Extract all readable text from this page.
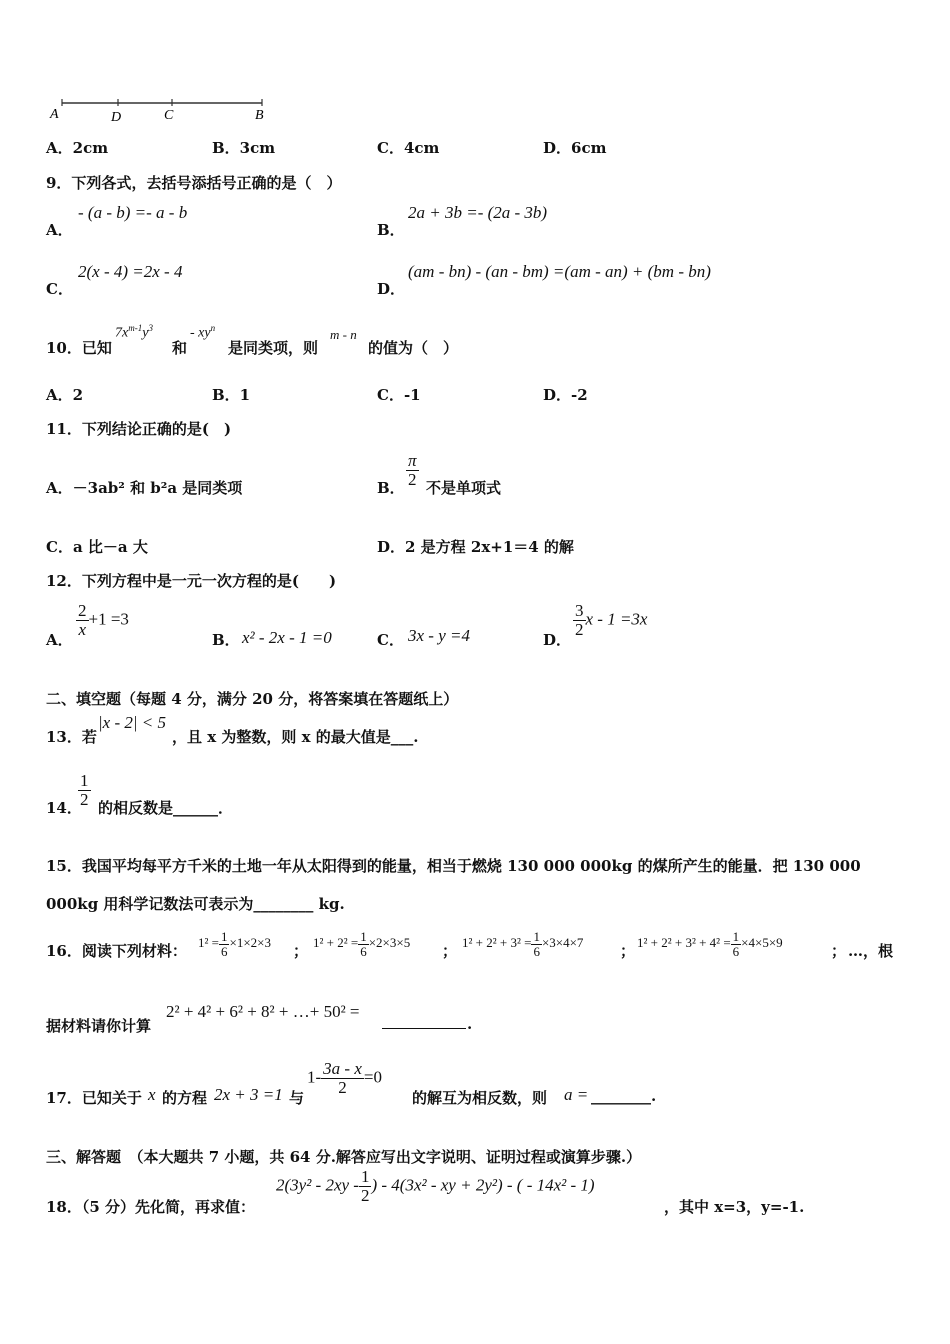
A	D	C	B
A．2cm	B．3cm	C．4cm	D．6cm
9．下列各式，去括号添括号正确的是（　）
A．
- (a - b) =- a - b
B．
2a + 3b =- (2a - 3b)
C．
2(x - 4) =2x - 4
D．
(am - bn) - (an - bm) =(am - an) + (bm - bn)
10．已知
$7x^{m-1}y^3$
和
- $xy^n$
是同类项，则
m - n
的值为（　）
A．2	B．1	C．-1	D．-2
11．下列结论正确的是(　)
A．－3ab² 和 b²a 是同类项	B． $\frac{\pi}{2}$ 不是单项式
C．a 比－a 大	D．2 是方程 2x+1＝4 的解
12．下列方程中是一元一次方程的是(　　)
A．
$\frac{2}{x} +1 =3$
B． x² - 2x - 1 =0	C． 3x - y =4	D．
$\frac{3}{2}$ x - 1 =3x
二、填空题（每题 4 分，满分 20 分，将答案填在答题纸上）
13．若
|x - 2| < 5
，且 x 为整数，则 x 的最大值是___.
14．
$\frac{1}{2}$ 的相反数是______．
15．我国平均每平方千米的土地一年从太阳得到的能量，相当于燃烧 130 000 000kg 的煤所产生的能量．把 130 000
000kg 用科学记数法可表示为________ kg.
16．阅读下列材料： $1^2 = \frac{1}{6} \times 1\times 2\times 3$ ； $1^2 + 2^2 = \frac{1}{6} \times 2\times 3\times 5$ ； $1^2 + 2^2 + 3^2 = \frac{1}{6} \times 3\times 4\times 7$ ； $1^2 + 2^2 + 3^2 + 4^2 = \frac{1}{6} \times 4\times 5\times 9$	； …，根
据材料请你计算
2² + 4² + 6² + 8² + …+ 50² =
.
17．已知关于 x 的方程 2x + 3 =1 与
$1- \frac{3a - x}{2} =0$
的解互为相反数，则 a = ________.
三、解答题　（本大题共 7 小题，共 64 分.解答应写出文字说明、证明过程或演算步骤.）
18．（5 分）先化简，再求值：
$2(3y^2 - 2xy - \frac{1}{2}$ ) - 4(3x² - xy + 2y²) - ( - 14x² - 1)
，其中 x=3，y=-1.
